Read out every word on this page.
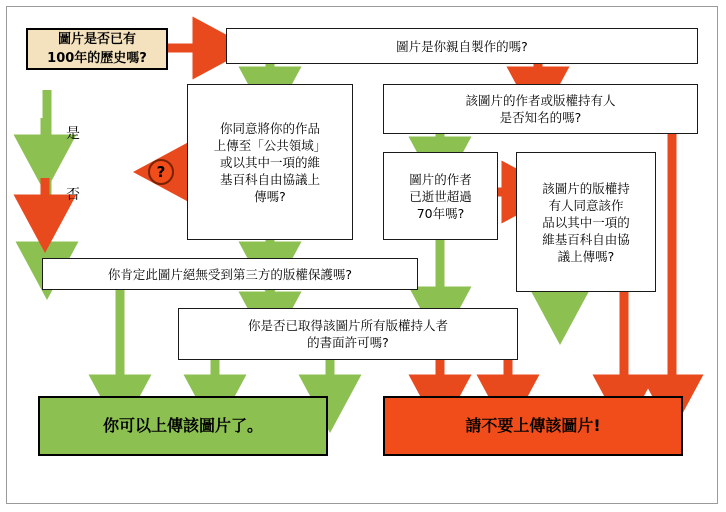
圖片是否已有
100年的歷史嗎?
圖片是你親自製作的嗎?
你同意將你的作品
上傳至「公共領域」
或以其中一項的維
基百科自由協議上
傳嗎?
該圖片的作者或版權持有人
是否知名的嗎?
圖片的作者
已逝世超過
70年嗎?
該圖片的版權持
有人同意該作
品以其中一項的
維基百科自由協
議上傳嗎?
你肯定此圖片絕無受到第三方的版權保護嗎?
你是否已取得該圖片所有版權持人者
的書面許可嗎?
你可以上傳該圖片了。	請不要上傳該圖片!
?
是
否
